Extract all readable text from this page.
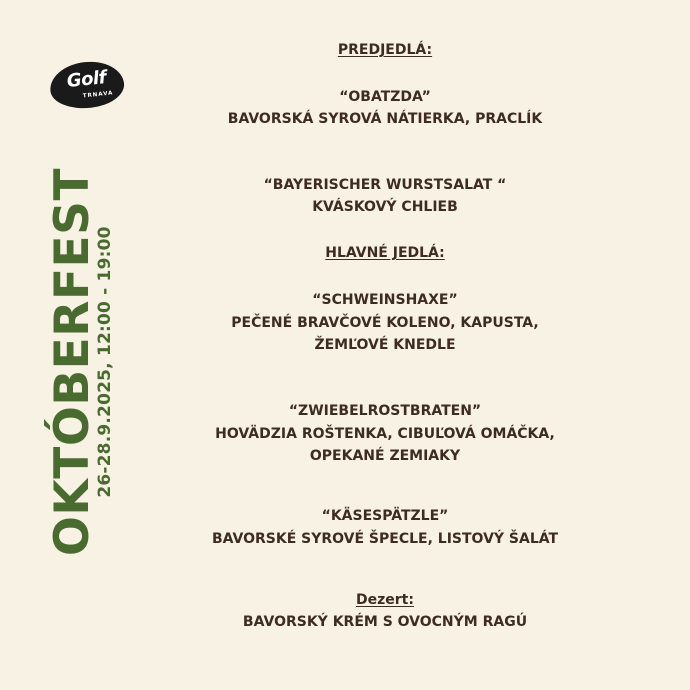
Golf
TRNAVA
OKTÓBERFEST
26-28.9.2025, 12:00 - 19:00
PREDJEDLÁ:
“OBATZDA”
BAVORSKÁ SYROVÁ NÁTIERKA, PRACLÍK
“BAYERISCHER WURSTSALAT “
KVÁSKOVÝ CHLIEB
HLAVNÉ JEDLÁ:
“SCHWEINSHAXE”
PEČENÉ BRAVČOVÉ KOLENO, KAPUSTA,
ŽEMĽOVÉ KNEDLE
“ZWIEBELROSTBRATEN”
HOVÄDZIA ROŠTENKA, CIBUĽOVÁ OMÁČKA,
OPEKANÉ ZEMIAKY
“KÄSESPÄTZLE”
BAVORSKÉ SYROVÉ ŠPECLE, LISTOVÝ ŠALÁT
Dezert:
BAVORSKÝ KRÉM S OVOCNÝM RAGÚ
